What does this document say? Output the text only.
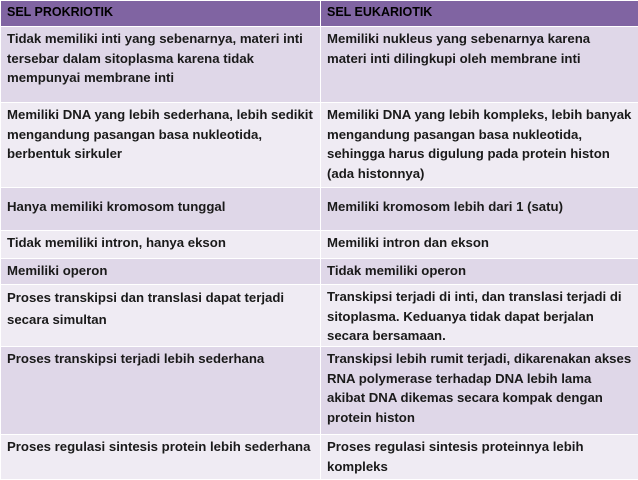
SEL PROKRIOTIK	SEL EUKARIOTIK
Tidak memiliki inti yang sebenarnya, materi inti tersebar dalam sitoplasma karena tidak mempunyai membrane inti	Memiliki nukleus yang sebenarnya karena materi inti dilingkupi oleh membrane inti
Memiliki DNA yang lebih sederhana, lebih sedikit mengandung pasangan basa nukleotida, berbentuk sirkuler	Memiliki DNA yang lebih kompleks, lebih banyak mengandung pasangan basa nukleotida, sehingga harus digulung pada protein histon (ada histonnya)
Hanya memiliki kromosom tunggal	Memiliki kromosom lebih dari 1 (satu)
Tidak memiliki intron, hanya ekson	Memiliki intron dan ekson
Memiliki operon	Tidak memiliki operon
Proses transkipsi dan translasi dapat terjadi secara simultan	Transkipsi terjadi di inti, dan translasi terjadi di sitoplasma. Keduanya tidak dapat berjalan secara bersamaan.
Proses transkipsi terjadi lebih sederhana	Transkipsi lebih rumit terjadi, dikarenakan akses RNA polymerase terhadap DNA lebih lama akibat DNA dikemas secara kompak dengan protein histon
Proses regulasi sintesis protein lebih sederhana	Proses regulasi sintesis proteinnya lebih kompleks
